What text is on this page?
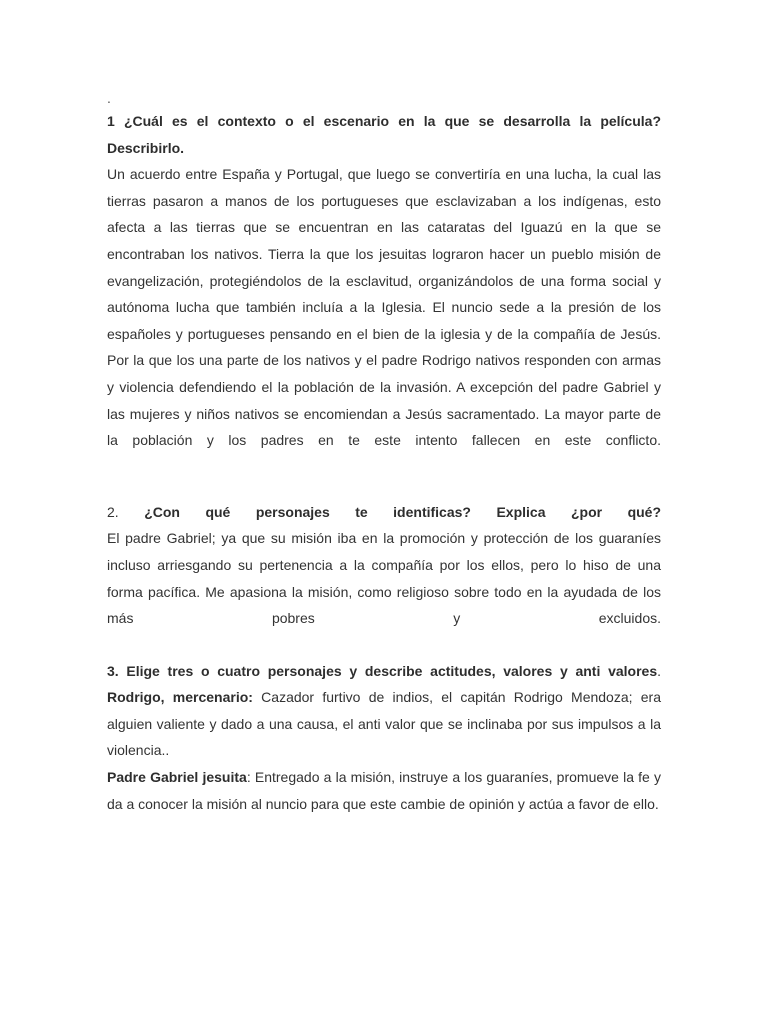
.

1 ¿Cuál es el contexto o el escenario en la que se desarrolla la película? Describirlo.

Un acuerdo entre España y Portugal, que luego se convertiría en una lucha, la cual las tierras pasaron a manos de los portugueses que esclavizaban a los indígenas, esto afecta a las tierras que se encuentran en las cataratas del Iguazú en la que se encontraban los nativos. Tierra la que los jesuitas lograron hacer un pueblo misión de evangelización, protegiéndolos de la esclavitud, organizándolos de una forma social y autónoma lucha que también incluía a la Iglesia. El nuncio sede a la presión de los españoles y portugueses pensando en el bien de la iglesia y de la compañía de Jesús. Por la que los una parte de los nativos y el padre Rodrigo nativos responden con armas y violencia defendiendo el la población de la invasión. A excepción del padre Gabriel y las mujeres y niños nativos se encomiendan a Jesús sacramentado. La mayor parte de la población y los padres en te este intento fallecen en este conflicto.

2. ¿Con qué personajes te identificas? Explica ¿por qué?

El padre Gabriel; ya que su misión iba en la promoción y protección de los guaraníes incluso arriesgando su pertenencia a la compañía por los ellos, pero lo hiso de una forma pacífica. Me apasiona la misión, como religioso sobre todo en la ayudada de los más pobres y excluidos.

3. Elige tres o cuatro personajes y describe actitudes, valores y anti valores.

Rodrigo, mercenario: Cazador furtivo de indios, el capitán Rodrigo Mendoza; era alguien valiente y dado a una causa, el anti valor que se inclinaba por sus impulsos a la violencia..

Padre Gabriel jesuita: Entregado a la misión, instruye a los guaraníes, promueve la fe y da a conocer la misión al nuncio para que este cambie de opinión y actúa a favor de ello.
